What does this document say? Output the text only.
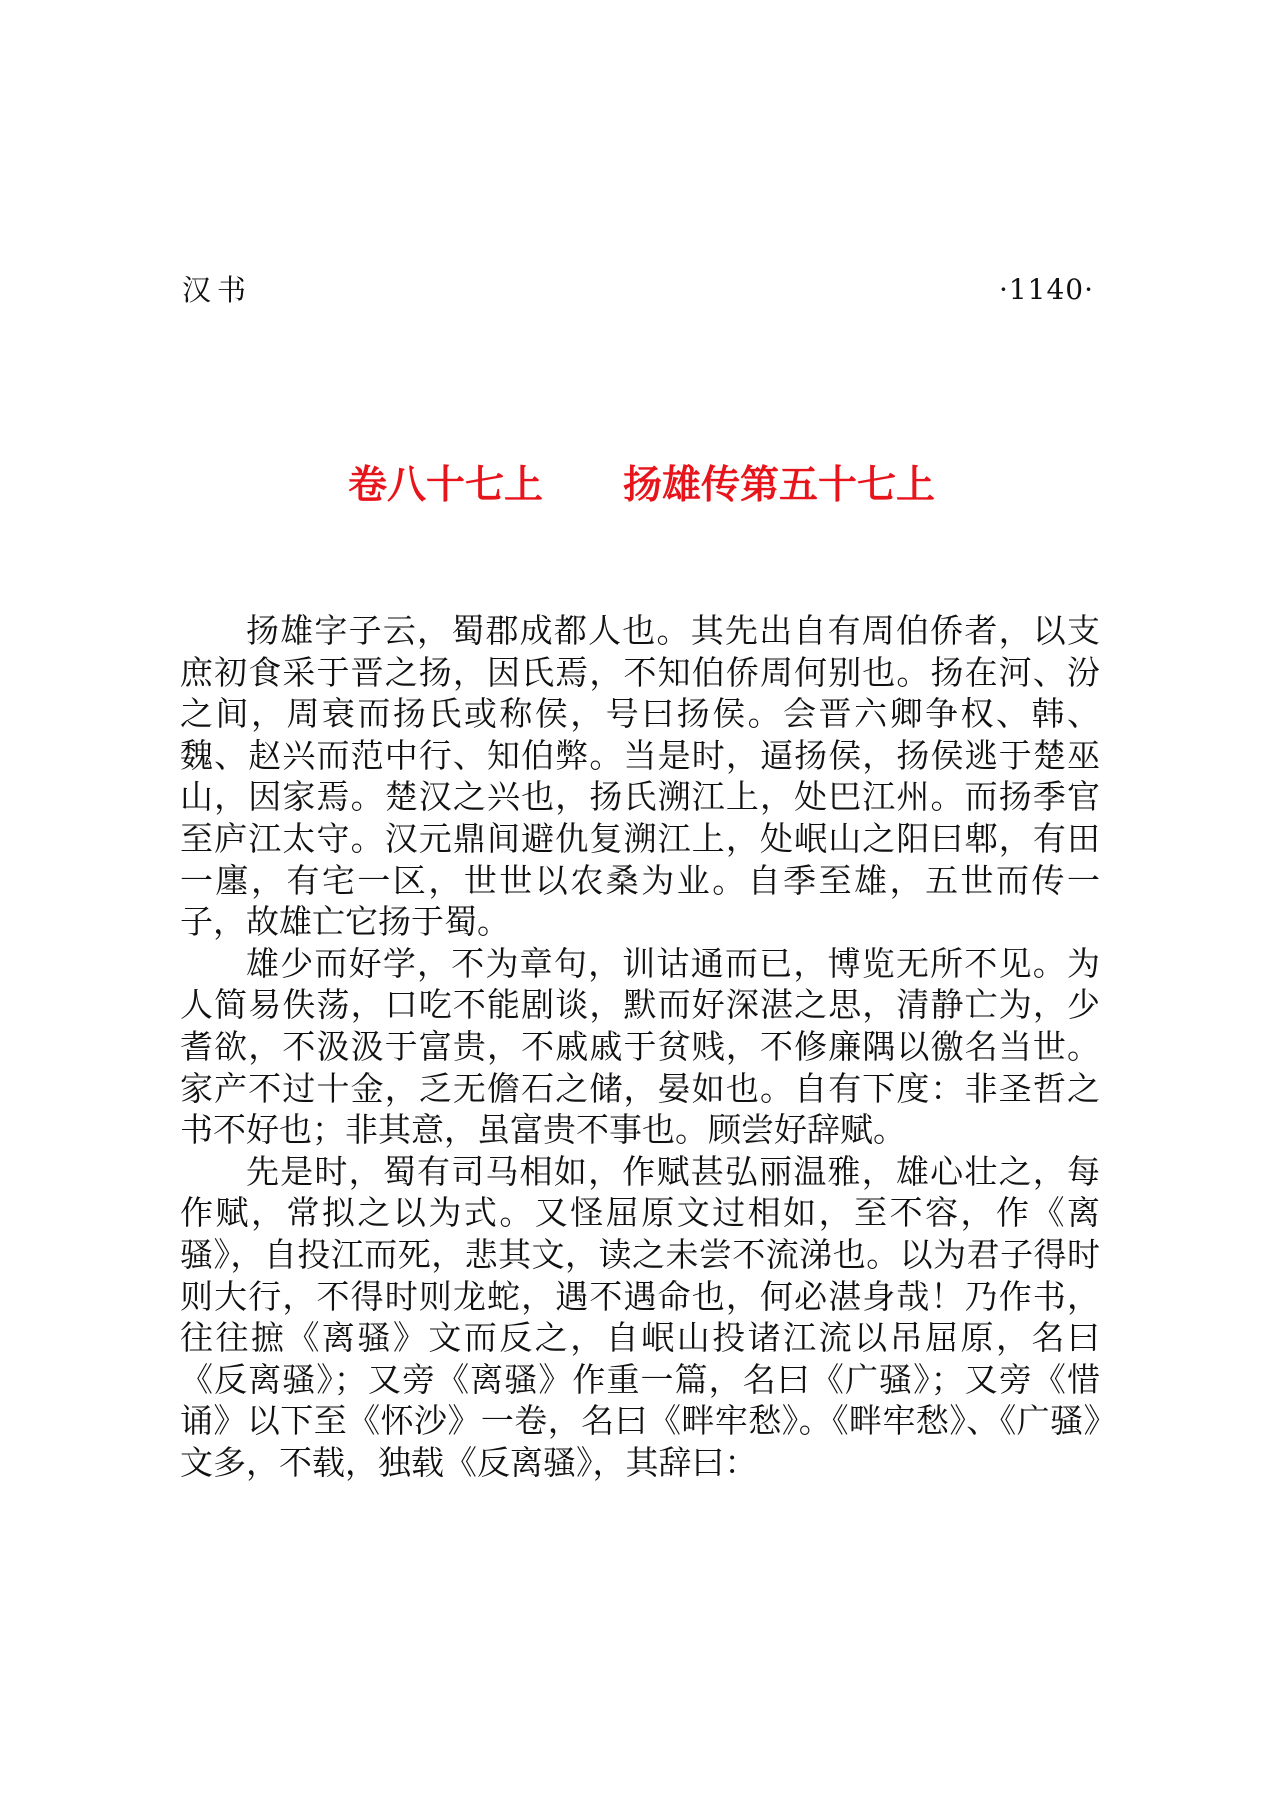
汉书	·1140·
卷八十七上 扬雄传第五十七上

扬雄字子云，蜀郡成都人也。其先出自有周伯侨者，以支庶初食采于晋之扬，因氏焉，不知伯侨周何别也。扬在河、汾之间，周衰而扬氏或称侯，号曰扬侯。会晋六卿争权、韩、魏、赵兴而范中行、知伯弊。当是时，逼扬侯，扬侯逃于楚巫山，因家焉。楚汉之兴也，扬氏溯江上，处巴江州。而扬季官至庐江太守。汉元鼎间避仇复溯江上，处岷山之阳曰郫，有田一廛，有宅一区，世世以农桑为业。自季至雄，五世而传一子，故雄亡它扬于蜀。

雄少而好学，不为章句，训诂通而已，博览无所不见。为人简易佚荡，口吃不能剧谈，默而好深湛之思，清静亡为，少耆欲，不汲汲于富贵，不戚戚于贫贱，不修廉隅以徼名当世。家产不过十金，乏无儋石之储，晏如也。自有下度：非圣哲之书不好也；非其意，虽富贵不事也。顾尝好辞赋。

先是时，蜀有司马相如，作赋甚弘丽温雅，雄心壮之，每作赋，常拟之以为式。又怪屈原文过相如，至不容，作《离骚》，自投江而死，悲其文，读之未尝不流涕也。以为君子得时则大行，不得时则龙蛇，遇不遇命也，何必湛身哉！乃作书，往往摭《离骚》文而反之，自岷山投诸江流以吊屈原，名曰《反离骚》；又旁《离骚》作重一篇，名曰《广骚》；又旁《惜诵》以下至《怀沙》一卷，名曰《畔牢愁》。《畔牢愁》、《广骚》文多，不载，独载《反离骚》，其辞曰：
